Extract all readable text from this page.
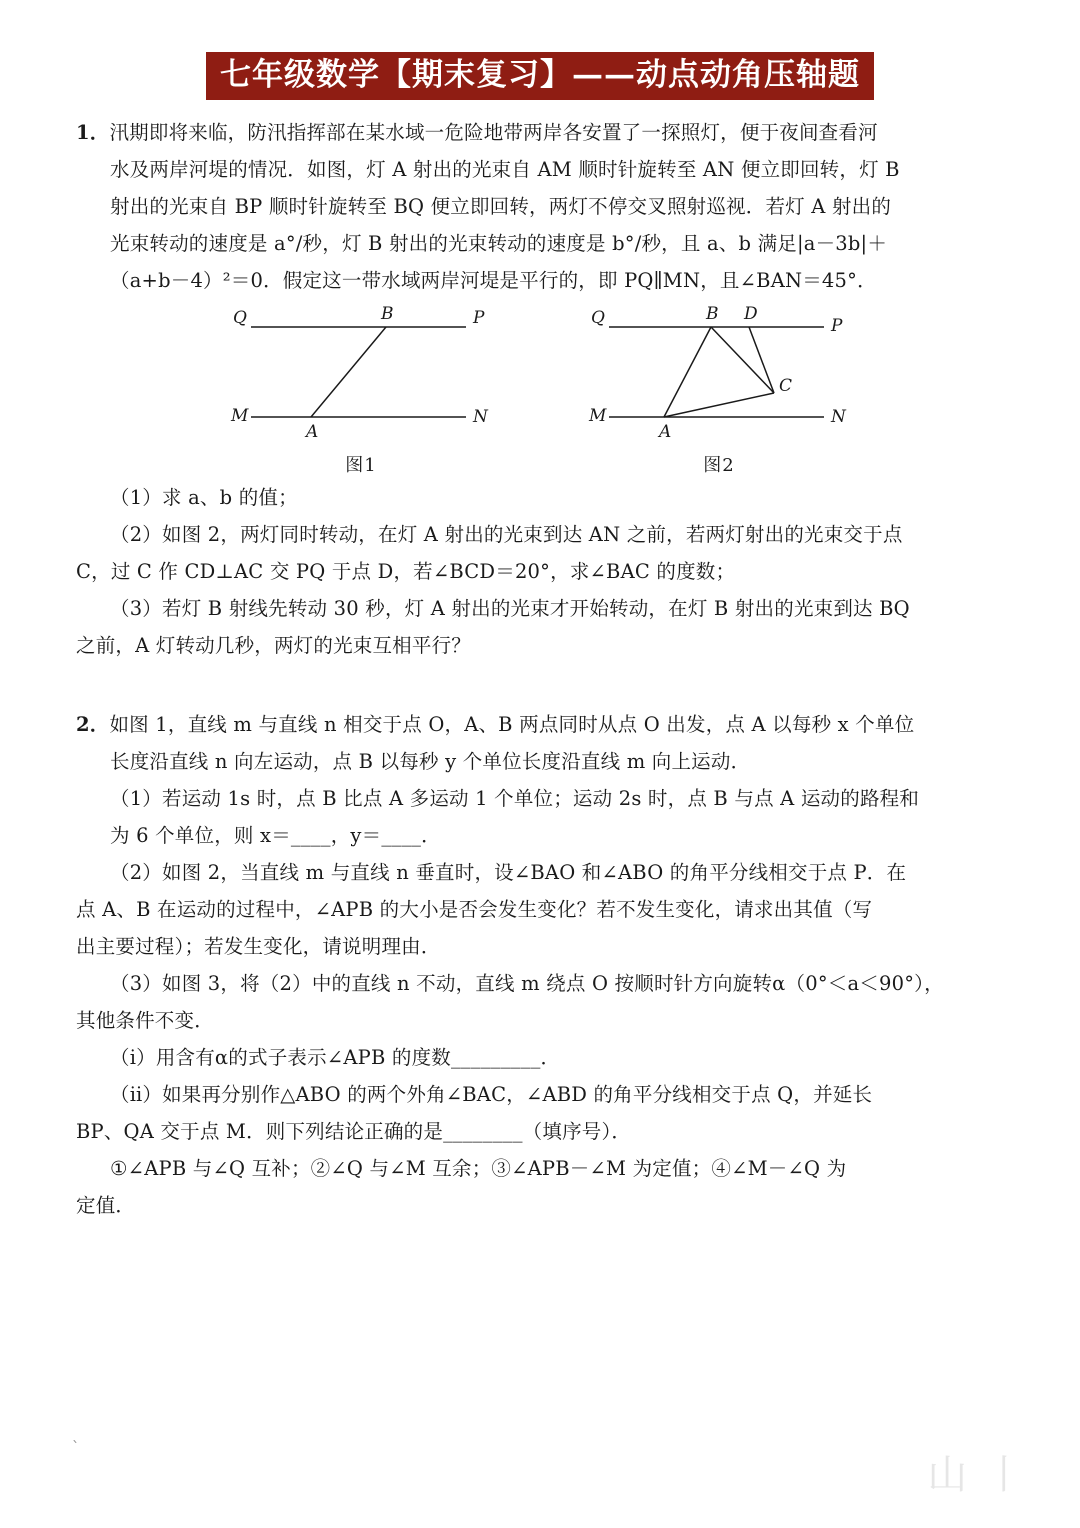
七年级数学【期末复习】——动点动角压轴题
1．汛期即将来临，防汛指挥部在某水域一危险地带两岸各安置了一探照灯，便于夜间查看河
水及两岸河堤的情况．如图，灯 A 射出的光束自 AM 顺时针旋转至 AN 便立即回转，灯 B
射出的光束自 BP 顺时针旋转至 BQ 便立即回转，两灯不停交叉照射巡视．若灯 A 射出的
光束转动的速度是 a°/秒，灯 B 射出的光束转动的速度是 b°/秒，且 a、b 满足|a－3b|＋
（a+b－4）²＝0．假定这一带水域两岸河堤是平行的，即 PQ∥MN，且∠BAN＝45°．
Q	B	P
M
A
N
图1
Q	B D
P
C
M
A
N
图2
（1）求 a、b 的值；
（2）如图 2，两灯同时转动，在灯 A 射出的光束到达 AN 之前，若两灯射出的光束交于点
C，过 C 作 CD⊥AC 交 PQ 于点 D，若∠BCD＝20°，求∠BAC 的度数；
（3）若灯 B 射线先转动 30 秒，灯 A 射出的光束才开始转动，在灯 B 射出的光束到达 BQ
之前，A 灯转动几秒，两灯的光束互相平行？
2．如图 1，直线 m 与直线 n 相交于点 O，A、B 两点同时从点 O 出发，点 A 以每秒 x 个单位
长度沿直线 n 向左运动，点 B 以每秒 y 个单位长度沿直线 m 向上运动．
（1）若运动 1s 时，点 B 比点 A 多运动 1 个单位；运动 2s 时，点 B 与点 A 运动的路程和
为 6 个单位，则 x＝____，y＝____．
（2）如图 2，当直线 m 与直线 n 垂直时，设∠BAO 和∠ABO 的角平分线相交于点 P．在
点 A、B 在运动的过程中，∠APB 的大小是否会发生变化？若不发生变化，请求出其值（写
出主要过程）；若发生变化，请说明理由．
（3）如图 3，将（2）中的直线 n 不动，直线 m 绕点 O 按顺时针方向旋转α（0°＜a＜90°），
其他条件不变．
（ⅰ）用含有α的式子表示∠APB 的度数_________．
（ⅱ）如果再分别作△ABO 的两个外角∠BAC，∠ABD 的角平分线相交于点 Q，并延长
BP、QA 交于点 M．则下列结论正确的是________（填序号）．
①∠APB 与∠Q 互补；②∠Q 与∠M 互余；③∠APB－∠M 为定值；④∠M－∠Q 为
定值．
`
山 丨
